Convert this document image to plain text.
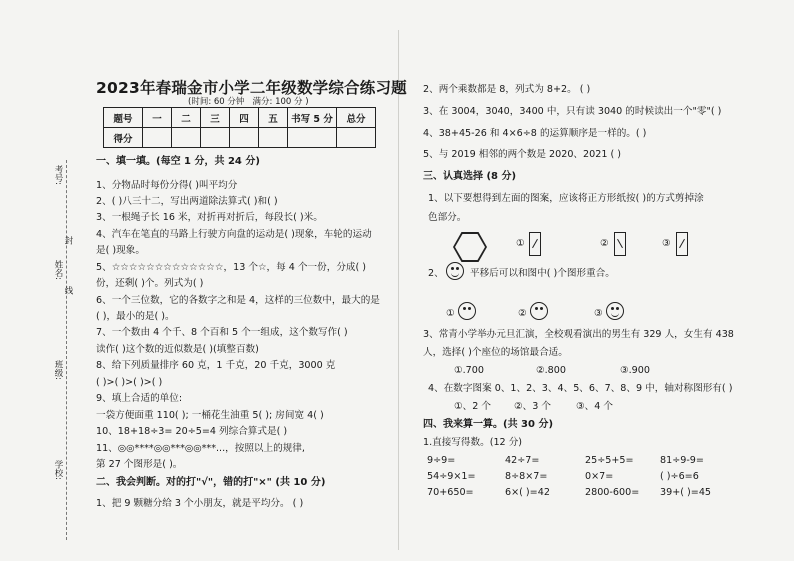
考号:
封
姓名:
线
班级:
学校:
2023年春瑞金市小学二年级数学综合练习题
(时间: 60 分钟 满分: 100 分 )
题号	一	二	三	四	五	书写 5 分	总分
得分							
一、填一填。(每空 1 分，共 24 分)
1、分物品时每份分得( )叫平均分
2、( )八三十二，写出两道除法算式( )和( )
3、一根绳子长 16 米，对折再对折后，每段长( )米。
4、汽车在笔直的马路上行驶方向盘的运动是( )现象，车轮的运动
是( )现象。
5、☆☆☆☆☆☆☆☆☆☆☆☆☆，13 个☆，每 4 个一份，分成( )
份，还剩( )个。列式为( )
6、一个三位数，它的各数字之和是 4，这样的三位数中，最大的是
( )，最小的是( )。
7、一个数由 4 个千、8 个百和 5 个一组成，这个数写作( )
读作( )这个数的近似数是( )(填整百数)
8、给下列质量排序 60 克，1 千克，20 千克，3000 克
( )>( )>( )>( )
9、填上合适的单位:
一袋方便面重 110( ); 一桶花生油重 5( ); 房间宽 4( )
10、18+18÷3= 20÷5=4 列综合算式是( )
11、◎◎****◎◎***◎◎***...，按照以上的规律,
第 27 个图形是( )。
二、我会判断。对的打"√"，错的打"×" (共 10 分)
1、把 9 颗糖分给 3 个小朋友，就是平均分。 ( )
2、两个乘数都是 8，列式为 8+2。 ( )
3、在 3004，3040，3400 中，只有读 3040 的时候读出一个"零"( )
4、38+45-26 和 4×6÷8 的运算顺序是一样的。( )
5、与 2019 相邻的两个数是 2020、2021 ( )
三、认真选择 (8 分)
1、以下要想得到左面的图案，应该将正方形纸按( )的方式剪掉涂
色部分。
①	②	③
2、	平移后可以和图中( )个图形重合。
①	②	③
3、常青小学举办元旦汇演，全校观看演出的男生有 329 人，女生有 438
人，选择( )个座位的场馆最合适。
①.700	②.800	③.900
4、在数字图案 0、1、2、3、4、5、6、7、8、9 中，轴对称图形有( )
①、2 个 ②、3 个	③、4 个
四、我来算一算。(共 30 分)
1.直接写得数。(12 分)
9÷9=	42÷7=	25÷5+5=	81÷9-9=
54÷9×1=	8÷8×7=	0×7=	( )÷6=6
70+650=	6×( )=42	2800-600= 39+( )=45
